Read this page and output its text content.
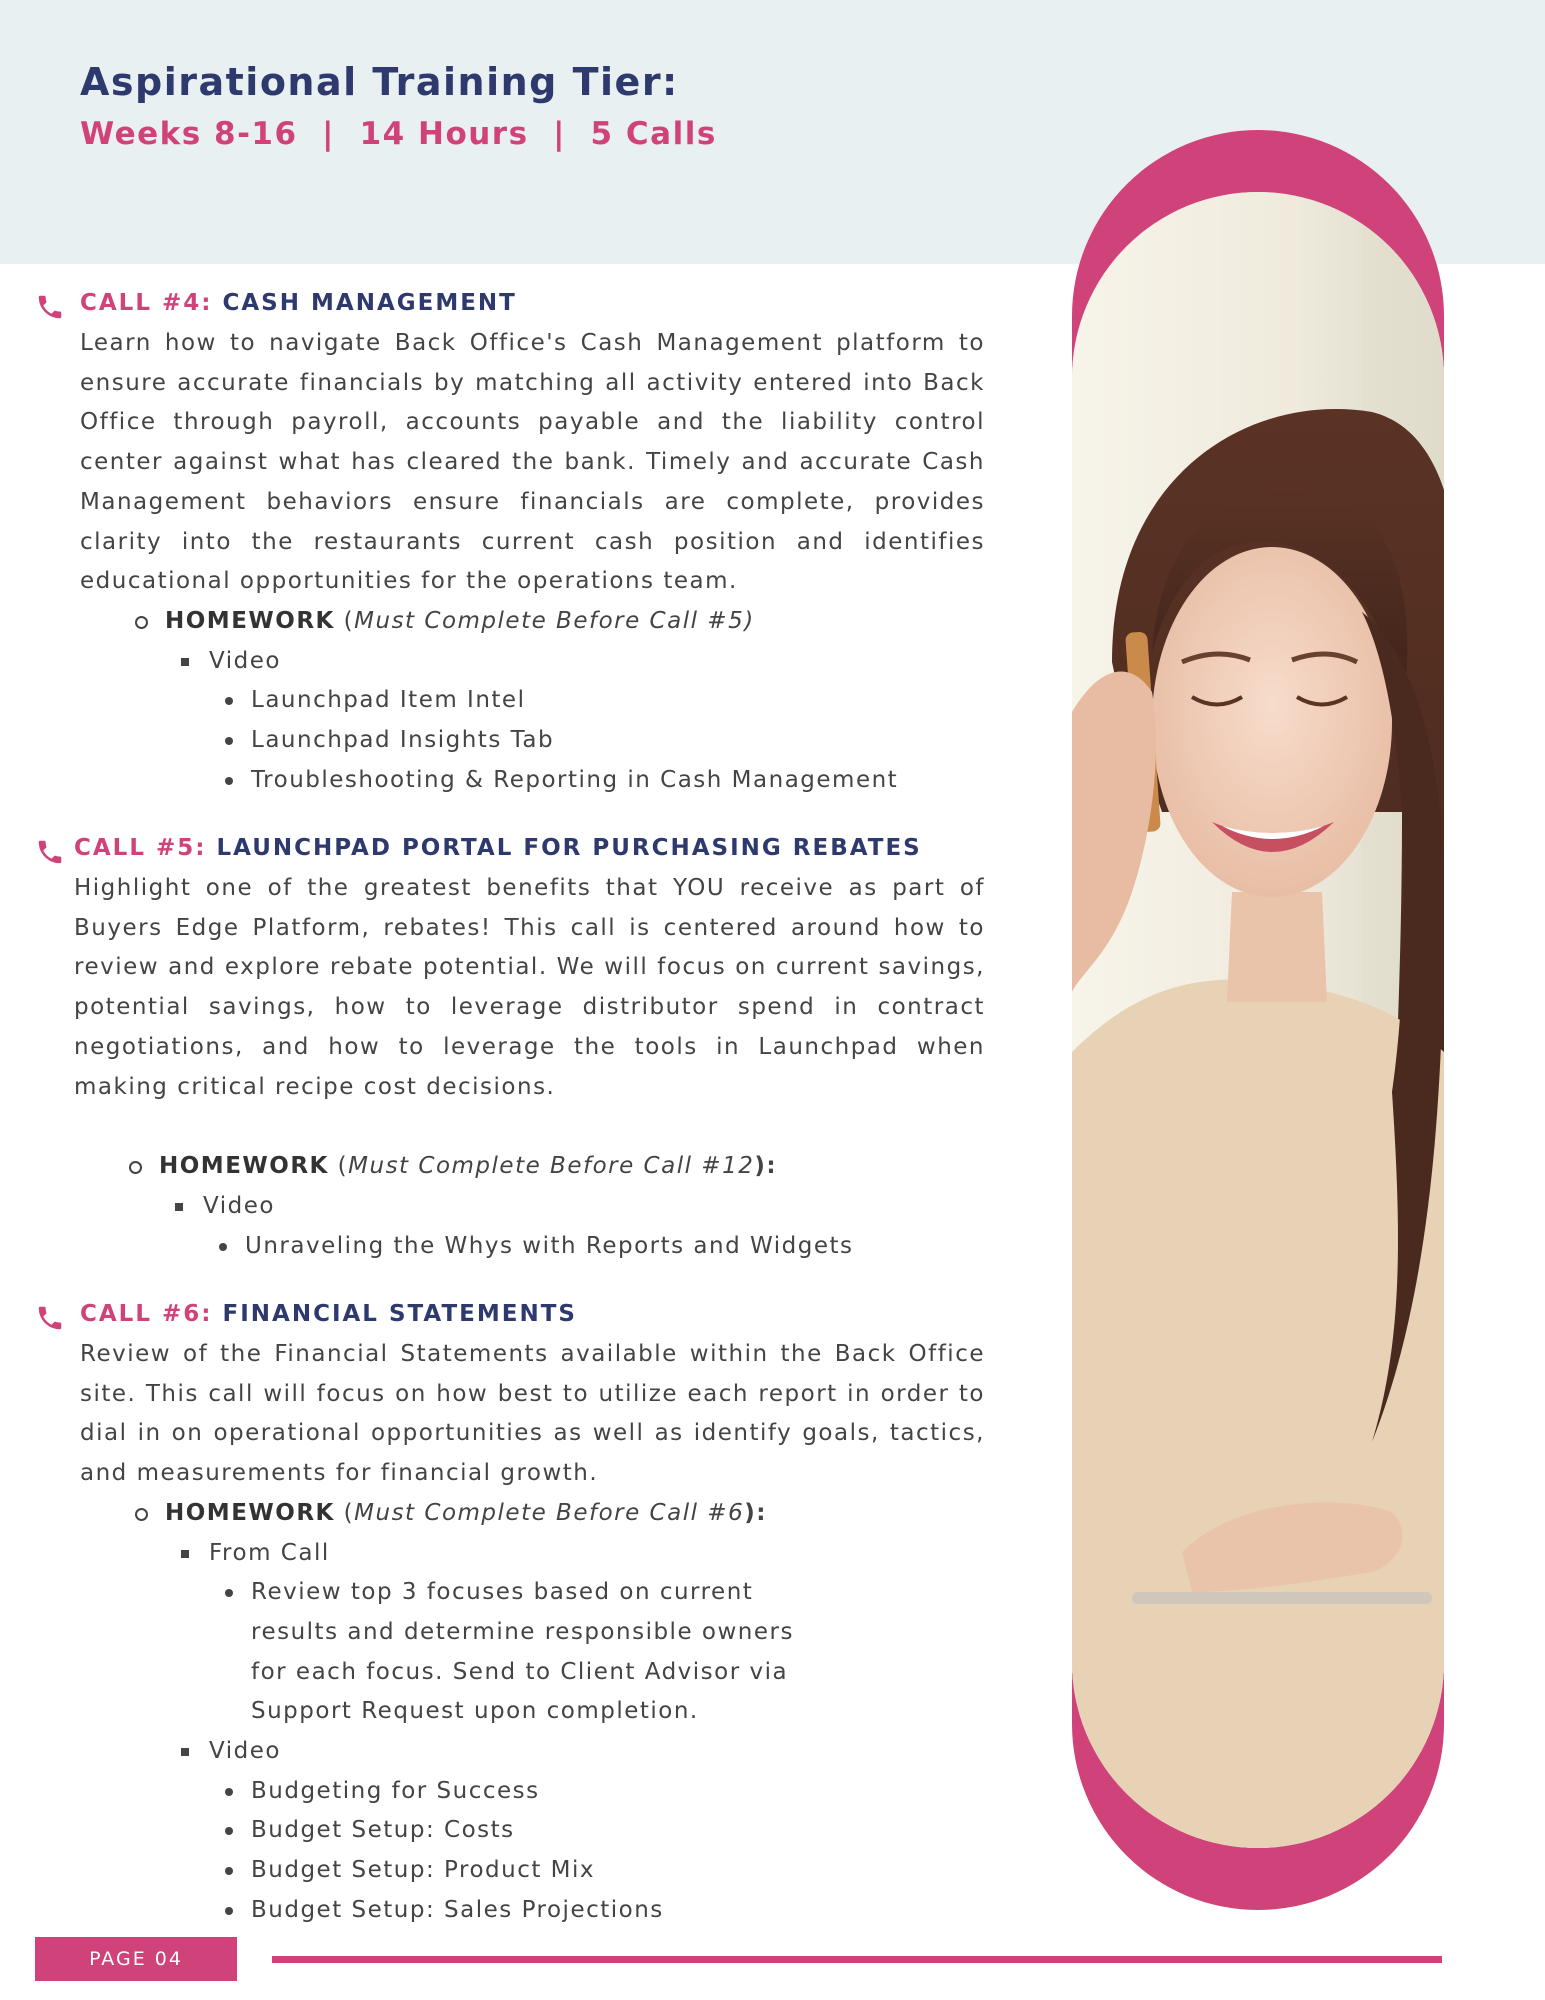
Aspirational Training Tier:
Weeks 8-16  |  14 Hours  |  5 Calls
CALL #4: CASH MANAGEMENT

Learn how to navigate Back Office's Cash Management platform to ensure accurate financials by matching all activity entered into Back Office through payroll, accounts payable and the liability control center against what has cleared the bank. Timely and accurate Cash Management behaviors ensure financials are complete, provides clarity into the restaurants current cash position and identifies educational opportunities for the operations team.

HOMEWORK (Must Complete Before Call #5)
Video
Launchpad Item Intel
Launchpad Insights Tab
Troubleshooting & Reporting in Cash Management
CALL #5: LAUNCHPAD PORTAL FOR PURCHASING REBATES

Highlight one of the greatest benefits that YOU receive as part of Buyers Edge Platform, rebates! This call is centered around how to review and explore rebate potential. We will focus on current savings, potential savings, how to leverage distributor spend in contract negotiations, and how to leverage the tools in Launchpad when making critical recipe cost decisions.

HOMEWORK (Must Complete Before Call #12):
Video
Unraveling the Whys with Reports and Widgets
CALL #6: FINANCIAL STATEMENTS

Review of the Financial Statements available within the Back Office site. This call will focus on how best to utilize each report in order to dial in on operational opportunities as well as identify goals, tactics, and measurements for financial growth.

HOMEWORK (Must Complete Before Call #6):
From Call
Review top 3 focuses based on current results and determine responsible owners for each focus. Send to Client Advisor via Support Request upon completion.
Video
Budgeting for Success
Budget Setup: Costs
Budget Setup: Product Mix
Budget Setup: Sales Projections
PAGE 04
